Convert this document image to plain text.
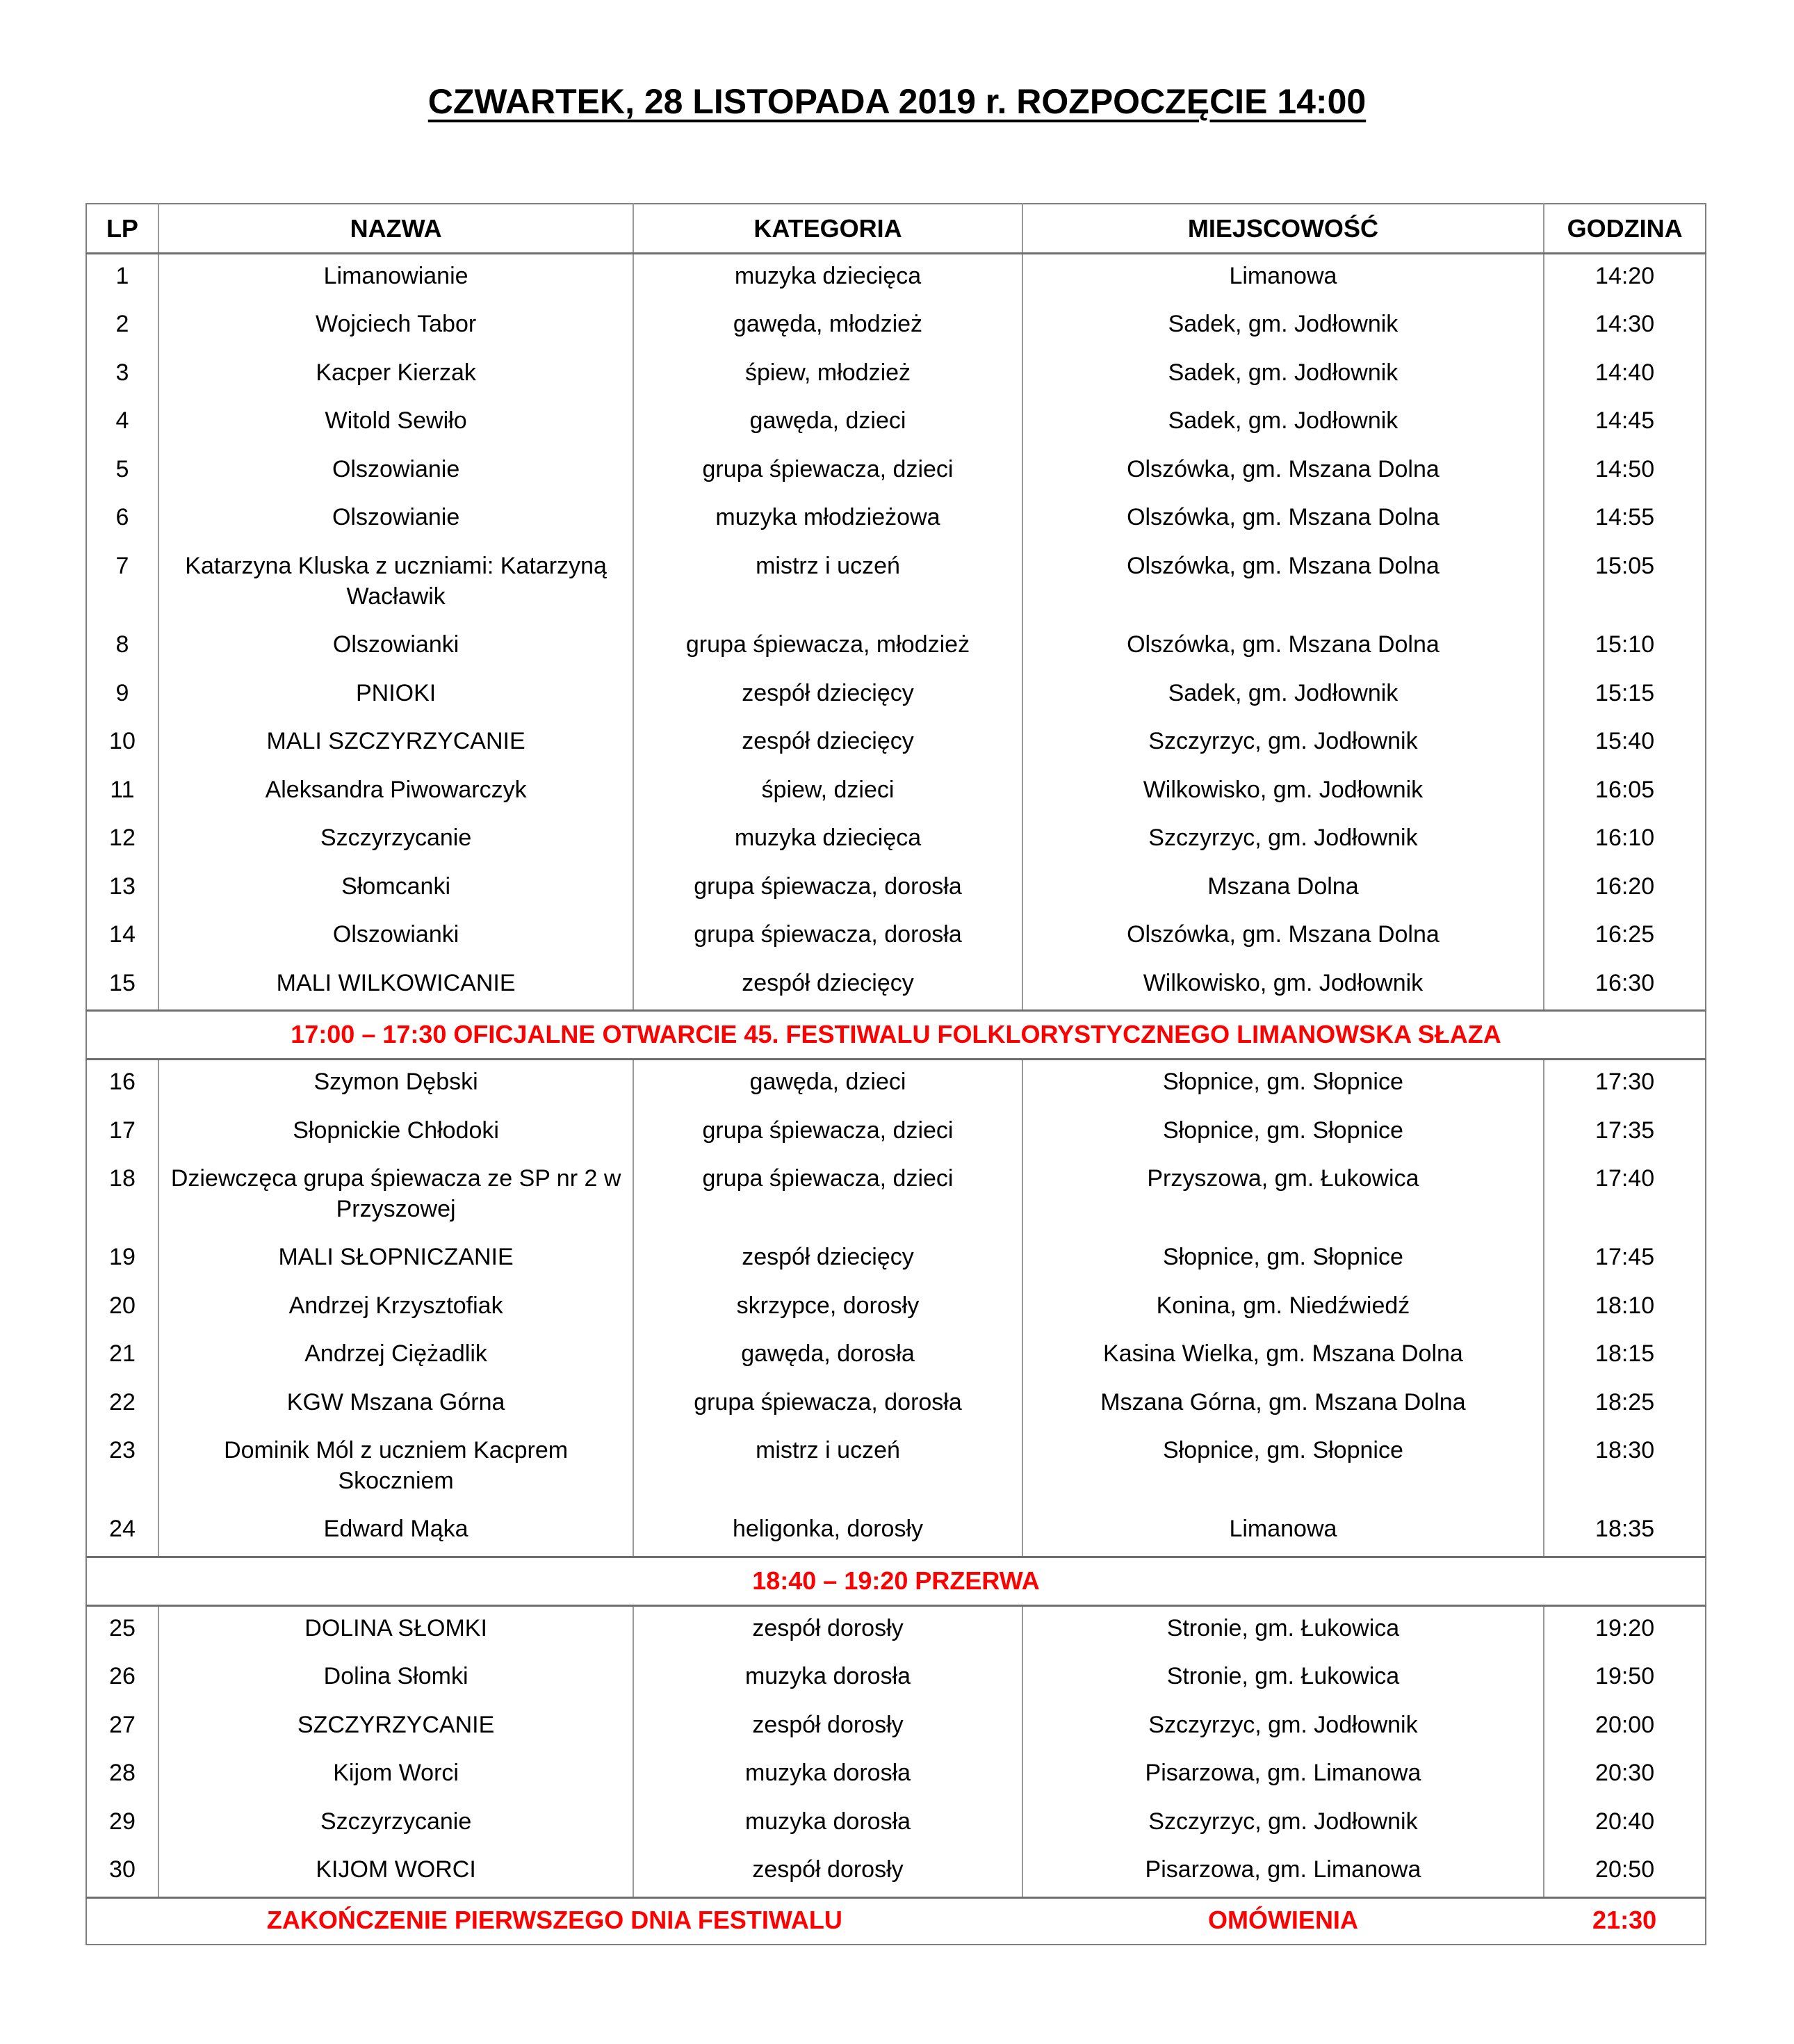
CZWARTEK, 28 LISTOPADA 2019 r. ROZPOCZĘCIE 14:00
LP	NAZWA	KATEGORIA	MIEJSCOWOŚĆ	GODZINA
1	Limanowianie	muzyka dziecięca	Limanowa	14:20
2	Wojciech Tabor	gawęda, młodzież	Sadek, gm. Jodłownik	14:30
3	Kacper Kierzak	śpiew, młodzież	Sadek, gm. Jodłownik	14:40
4	Witold Sewiło	gawęda, dzieci	Sadek, gm. Jodłownik	14:45
5	Olszowianie	grupa śpiewacza, dzieci	Olszówka, gm. Mszana Dolna	14:50
6	Olszowianie	muzyka młodzieżowa	Olszówka, gm. Mszana Dolna	14:55
7	Katarzyna Kluska z uczniami: Katarzyną Wacławik	mistrz i uczeń	Olszówka, gm. Mszana Dolna	15:05
8	Olszowianki	grupa śpiewacza, młodzież	Olszówka, gm. Mszana Dolna	15:10
9	PNIOKI	zespół dziecięcy	Sadek, gm. Jodłownik	15:15
10	MALI SZCZYRZYCANIE	zespół dziecięcy	Szczyrzyc, gm. Jodłownik	15:40
11	Aleksandra Piwowarczyk	śpiew, dzieci	Wilkowisko, gm. Jodłownik	16:05
12	Szczyrzycanie	muzyka dziecięca	Szczyrzyc, gm. Jodłownik	16:10
13	Słomcanki	grupa śpiewacza, dorosła	Mszana Dolna	16:20
14	Olszowianki	grupa śpiewacza, dorosła	Olszówka, gm. Mszana Dolna	16:25
15	MALI WILKOWICANIE	zespół dziecięcy	Wilkowisko, gm. Jodłownik	16:30
17:00 – 17:30 OFICJALNE OTWARCIE 45. FESTIWALU FOLKLORYSTYCZNEGO LIMANOWSKA SŁAZA				
16	Szymon Dębski	gawęda, dzieci	Słopnice, gm. Słopnice	17:30
17	Słopnickie Chłodoki	grupa śpiewacza, dzieci	Słopnice, gm. Słopnice	17:35
18	Dziewczęca grupa śpiewacza ze SP nr 2 w Przyszowej	grupa śpiewacza, dzieci	Przyszowa, gm. Łukowica	17:40
19	MALI SŁOPNICZANIE	zespół dziecięcy	Słopnice, gm. Słopnice	17:45
20	Andrzej Krzysztofiak	skrzypce, dorosły	Konina, gm. Niedźwiedź	18:10
21	Andrzej Ciężadlik	gawęda, dorosła	Kasina Wielka, gm. Mszana Dolna	18:15
22	KGW Mszana Górna	grupa śpiewacza, dorosła	Mszana Górna, gm. Mszana Dolna	18:25
23	Dominik Mól z uczniem Kacprem Skoczniem	mistrz i uczeń	Słopnice, gm. Słopnice	18:30
24	Edward Mąka	heligonka, dorosły	Limanowa	18:35
18:40 – 19:20 PRZERWA				
25	DOLINA SŁOMKI	zespół dorosły	Stronie, gm. Łukowica	19:20
26	Dolina Słomki	muzyka dorosła	Stronie, gm. Łukowica	19:50
27	SZCZYRZYCANIE	zespół dorosły	Szczyrzyc, gm. Jodłownik	20:00
28	Kijom Worci	muzyka dorosła	Pisarzowa, gm. Limanowa	20:30
29	Szczyrzycanie	muzyka dorosła	Szczyrzyc, gm. Jodłownik	20:40
30	KIJOM WORCI	zespół dorosły	Pisarzowa, gm. Limanowa	20:50
ZAKOŃCZENIE PIERWSZEGO DNIA FESTIWALU			OMÓWIENIA	21:30
